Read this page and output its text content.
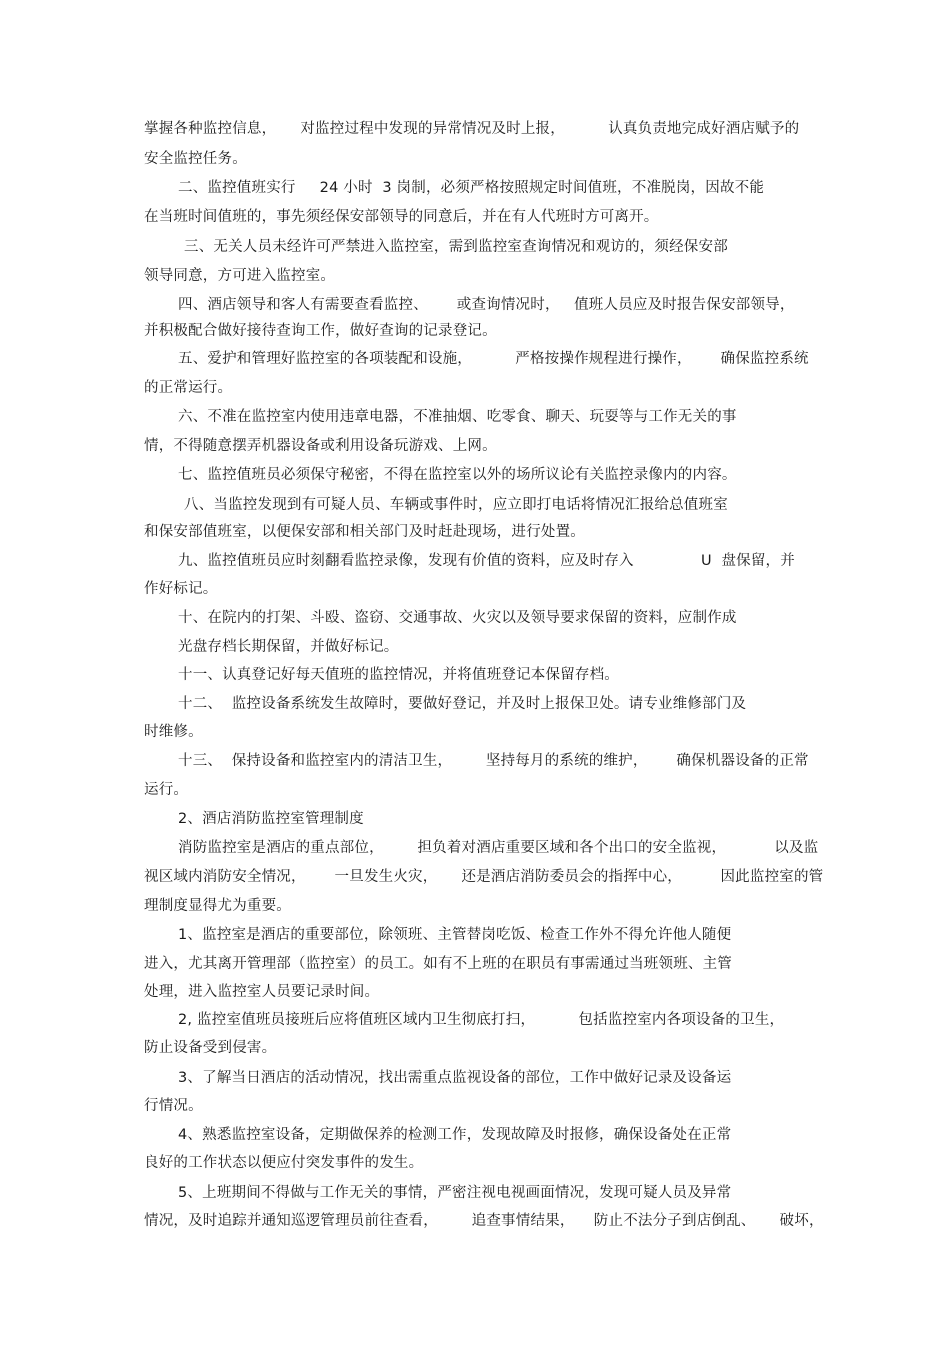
掌握各种监控信息，     对监控过程中发现的异常情况及时上报，         认真负责地完成好酒店赋予的
安全监控任务。
二、监控值班实行     24 小时  3 岗制，必须严格按照规定时间值班，不准脱岗，因故不能
在当班时间值班的，事先须经保安部领导的同意后，并在有人代班时方可离开。
三、无关人员未经许可严禁进入监控室，需到监控室查询情况和观访的，须经保安部
领导同意，方可进入监控室。
四、酒店领导和客人有需要查看监控、      或查询情况时，   值班人员应及时报告保安部领导，
并积极配合做好接待查询工作，做好查询的记录登记。
五、爱护和管理好监控室的各项装配和设施，         严格按操作规程进行操作，      确保监控系统
的正常运行。
六、不准在监控室内使用违章电器，不准抽烟、吃零食、聊天、玩耍等与工作无关的事
情，不得随意摆弄机器设备或利用设备玩游戏、上网。
七、监控值班员必须保守秘密，不得在监控室以外的场所议论有关监控录像内的内容。
八、当监控发现到有可疑人员、车辆或事件时，应立即打电话将情况汇报给总值班室
和保安部值班室，以便保安部和相关部门及时赶赴现场，进行处置。
九、监控值班员应时刻翻看监控录像，发现有价值的资料，应及时存入              U  盘保留，并
作好标记。
十、在院内的打架、斗殴、盗窃、交通事故、火灾以及领导要求保留的资料，应制作成
光盘存档长期保留，并做好标记。
十一、认真登记好每天值班的监控情况，并将值班登记本保留存档。
十二、  监控设备系统发生故障时，要做好登记，并及时上报保卫处。请专业维修部门及
时维修。
十三、  保持设备和监控室内的清洁卫生，       坚持每月的系统的维护，      确保机器设备的正常
运行。
2、酒店消防监控室管理制度
消防监控室是酒店的重点部位，       担负着对酒店重要区域和各个出口的安全监视，          以及监
视区域内消防安全情况，      一旦发生火灾，     还是酒店消防委员会的指挥中心，        因此监控室的管
理制度显得尤为重要。
1、监控室是酒店的重要部位，除领班、主管替岗吃饭、检查工作外不得允许他人随便
进入，尤其离开管理部（监控室）的员工。如有不上班的在职员有事需通过当班领班、主管
处理，进入监控室人员要记录时间。
2, 监控室值班员接班后应将值班区域内卫生彻底打扫，         包括监控室内各项设备的卫生，
防止设备受到侵害。
3、了解当日酒店的活动情况，找出需重点监视设备的部位，工作中做好记录及设备运
行情况。
4、熟悉监控室设备，定期做保养的检测工作，发现故障及时报修，确保设备处在正常
良好的工作状态以便应付突发事件的发生。
5、上班期间不得做与工作无关的事情，严密注视电视画面情况，发现可疑人员及异常
情况，及时追踪并通知巡逻管理员前往查看，       追查事情结果，    防止不法分子到店倒乱、     破坏，
